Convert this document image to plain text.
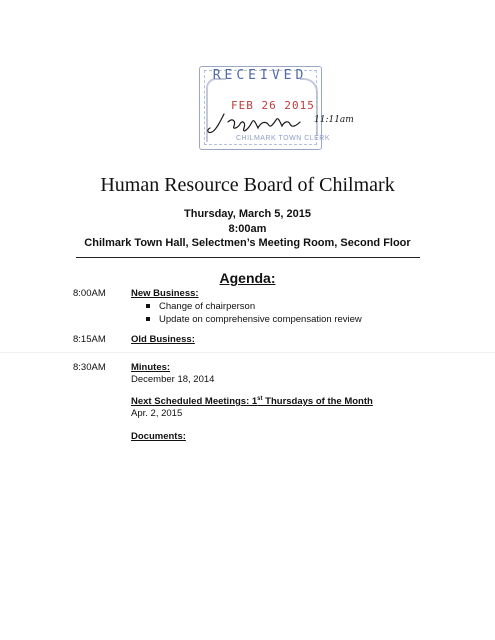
RECEIVED
FEB 26 2015
CHILMARK TOWN CLERK
11:11am
Human Resource Board of Chilmark
Thursday, March 5, 2015
8:00am
Chilmark Town Hall, Selectmen’s Meeting Room, Second Floor
Agenda:
8:00AM	New Business:
Change of chairperson
Update on comprehensive compensation review
8:15AM	Old Business:
8:30AM	Minutes:
December 18, 2014
Next Scheduled Meetings: 1st Thursdays of the Month
Apr. 2, 2015
Documents:
